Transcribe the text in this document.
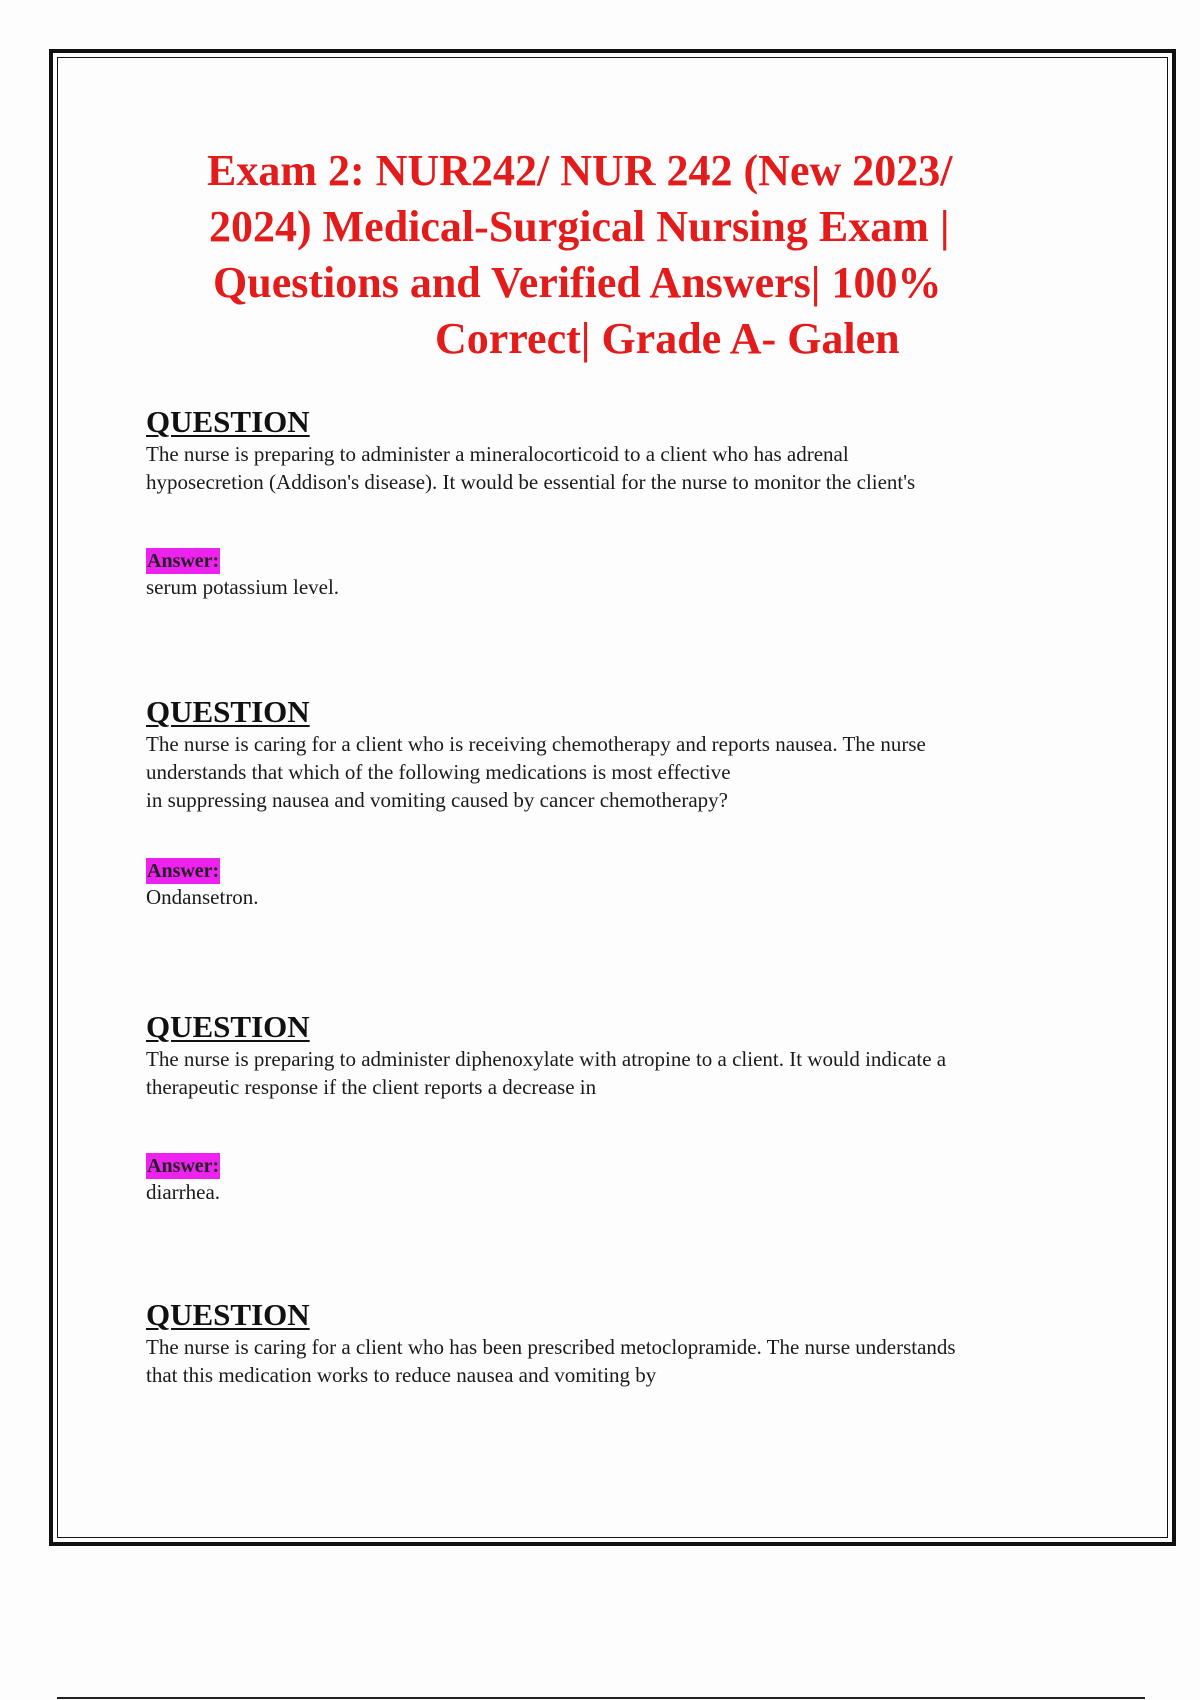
Exam 2: NUR242/ NUR 242 (New 2023/
2024) Medical-Surgical Nursing Exam |
Questions and Verified Answers| 100%
Correct| Grade A- Galen
QUESTION

The nurse is preparing to administer a mineralocorticoid to a client who has adrenal
hyposecretion (Addison's disease). It would be essential for the nurse to monitor the client's

Answer:

serum potassium level.

QUESTION

The nurse is caring for a client who is receiving chemotherapy and reports nausea. The nurse
understands that which of the following medications is most effective
in suppressing nausea and vomiting caused by cancer chemotherapy?

Answer:

Ondansetron.

QUESTION

The nurse is preparing to administer diphenoxylate with atropine to a client. It would indicate a
therapeutic response if the client reports a decrease in

Answer:

diarrhea.

QUESTION

The nurse is caring for a client who has been prescribed metoclopramide. The nurse understands
that this medication works to reduce nausea and vomiting by
